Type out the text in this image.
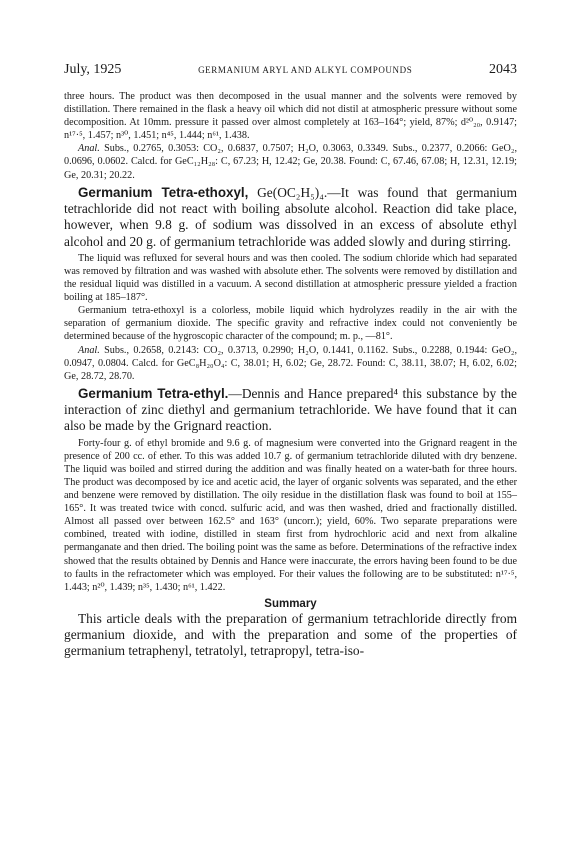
July, 1925	GERMANIUM ARYL AND ALKYL COMPOUNDS	2043

three hours. The product was then decomposed in the usual manner and the solvents were removed by distillation. There remained in the flask a heavy oil which did not distil at atmospheric pressure without some decomposition. At 10mm. pressure it passed over almost completely at 163–164°; yield, 87%; d²⁰₂₀, 0.9147; n¹⁷·⁵, 1.457; n³⁰, 1.451; n⁴⁵, 1.444; n⁶¹, 1.438.

Anal. Subs., 0.2765, 0.3053: CO₂, 0.6837, 0.7507; H₂O, 0.3063, 0.3349. Subs., 0.2377, 0.2066: GeO₂, 0.0696, 0.0602. Calcd. for GeC₁₂H₂₈: C, 67.23; H, 12.42; Ge, 20.38. Found: C, 67.46, 67.08; H, 12.31, 12.19; Ge, 20.31; 20.22.

Germanium Tetra-ethoxyl, Ge(OC₂H₅)₄.—It was found that germanium tetrachloride did not react with boiling absolute alcohol. Reaction did take place, however, when 9.8 g. of sodium was dissolved in an excess of absolute ethyl alcohol and 20 g. of germanium tetrachloride was added slowly and during stirring.

The liquid was refluxed for several hours and was then cooled. The sodium chloride which had separated was removed by filtration and was washed with absolute ether. The solvents were removed by distillation and the residual liquid was distilled in a vacuum. A second distillation at atmospheric pressure yielded a fraction boiling at 185–187°.

Germanium tetra-ethoxyl is a colorless, mobile liquid which hydrolyzes readily in the air with the separation of germanium dioxide. The specific gravity and refractive index could not conveniently be determined because of the hygroscopic character of the compound; m. p., —81°.

Anal. Subs., 0.2658, 0.2143: CO₂, 0.3713, 0.2990; H₂O, 0.1441, 0.1162. Subs., 0.2288, 0.1944: GeO₂, 0.0947, 0.0804. Calcd. for GeC₈H₂₀O₄: C, 38.01; H, 6.02; Ge, 28.72. Found: C, 38.11, 38.07; H, 6.02, 6.02; Ge, 28.72, 28.70.

Germanium Tetra-ethyl.—Dennis and Hance prepared⁴ this substance by the interaction of zinc diethyl and germanium tetrachloride. We have found that it can also be made by the Grignard reaction.

Forty-four g. of ethyl bromide and 9.6 g. of magnesium were converted into the Grignard reagent in the presence of 200 cc. of ether. To this was added 10.7 g. of germanium tetrachloride diluted with dry benzene. The liquid was boiled and stirred during the addition and was finally heated on a water-bath for three hours. The product was decomposed by ice and acetic acid, the layer of organic solvents was separated, and the ether and benzene were removed by distillation. The oily residue in the distillation flask was found to boil at 155–165°. It was treated twice with concd. sulfuric acid, and was then washed, dried and fractionally distilled. Almost all passed over between 162.5° and 163° (uncorr.); yield, 60%. Two separate preparations were combined, treated with iodine, distilled in steam first from hydrochloric acid and next from alkaline permanganate and then dried. The boiling point was the same as before. Determinations of the refractive index showed that the results obtained by Dennis and Hance were inaccurate, the errors having been found to be due to faults in the refractometer which was employed. For their values the following are to be substituted: n¹⁷·⁵, 1.443; n²⁰, 1.439; n³⁵, 1.430; n⁶¹, 1.422.

Summary

This article deals with the preparation of germanium tetrachloride directly from germanium dioxide, and with the preparation and some of the properties of germanium tetraphenyl, tetratolyl, tetrapropyl, tetra-iso-
